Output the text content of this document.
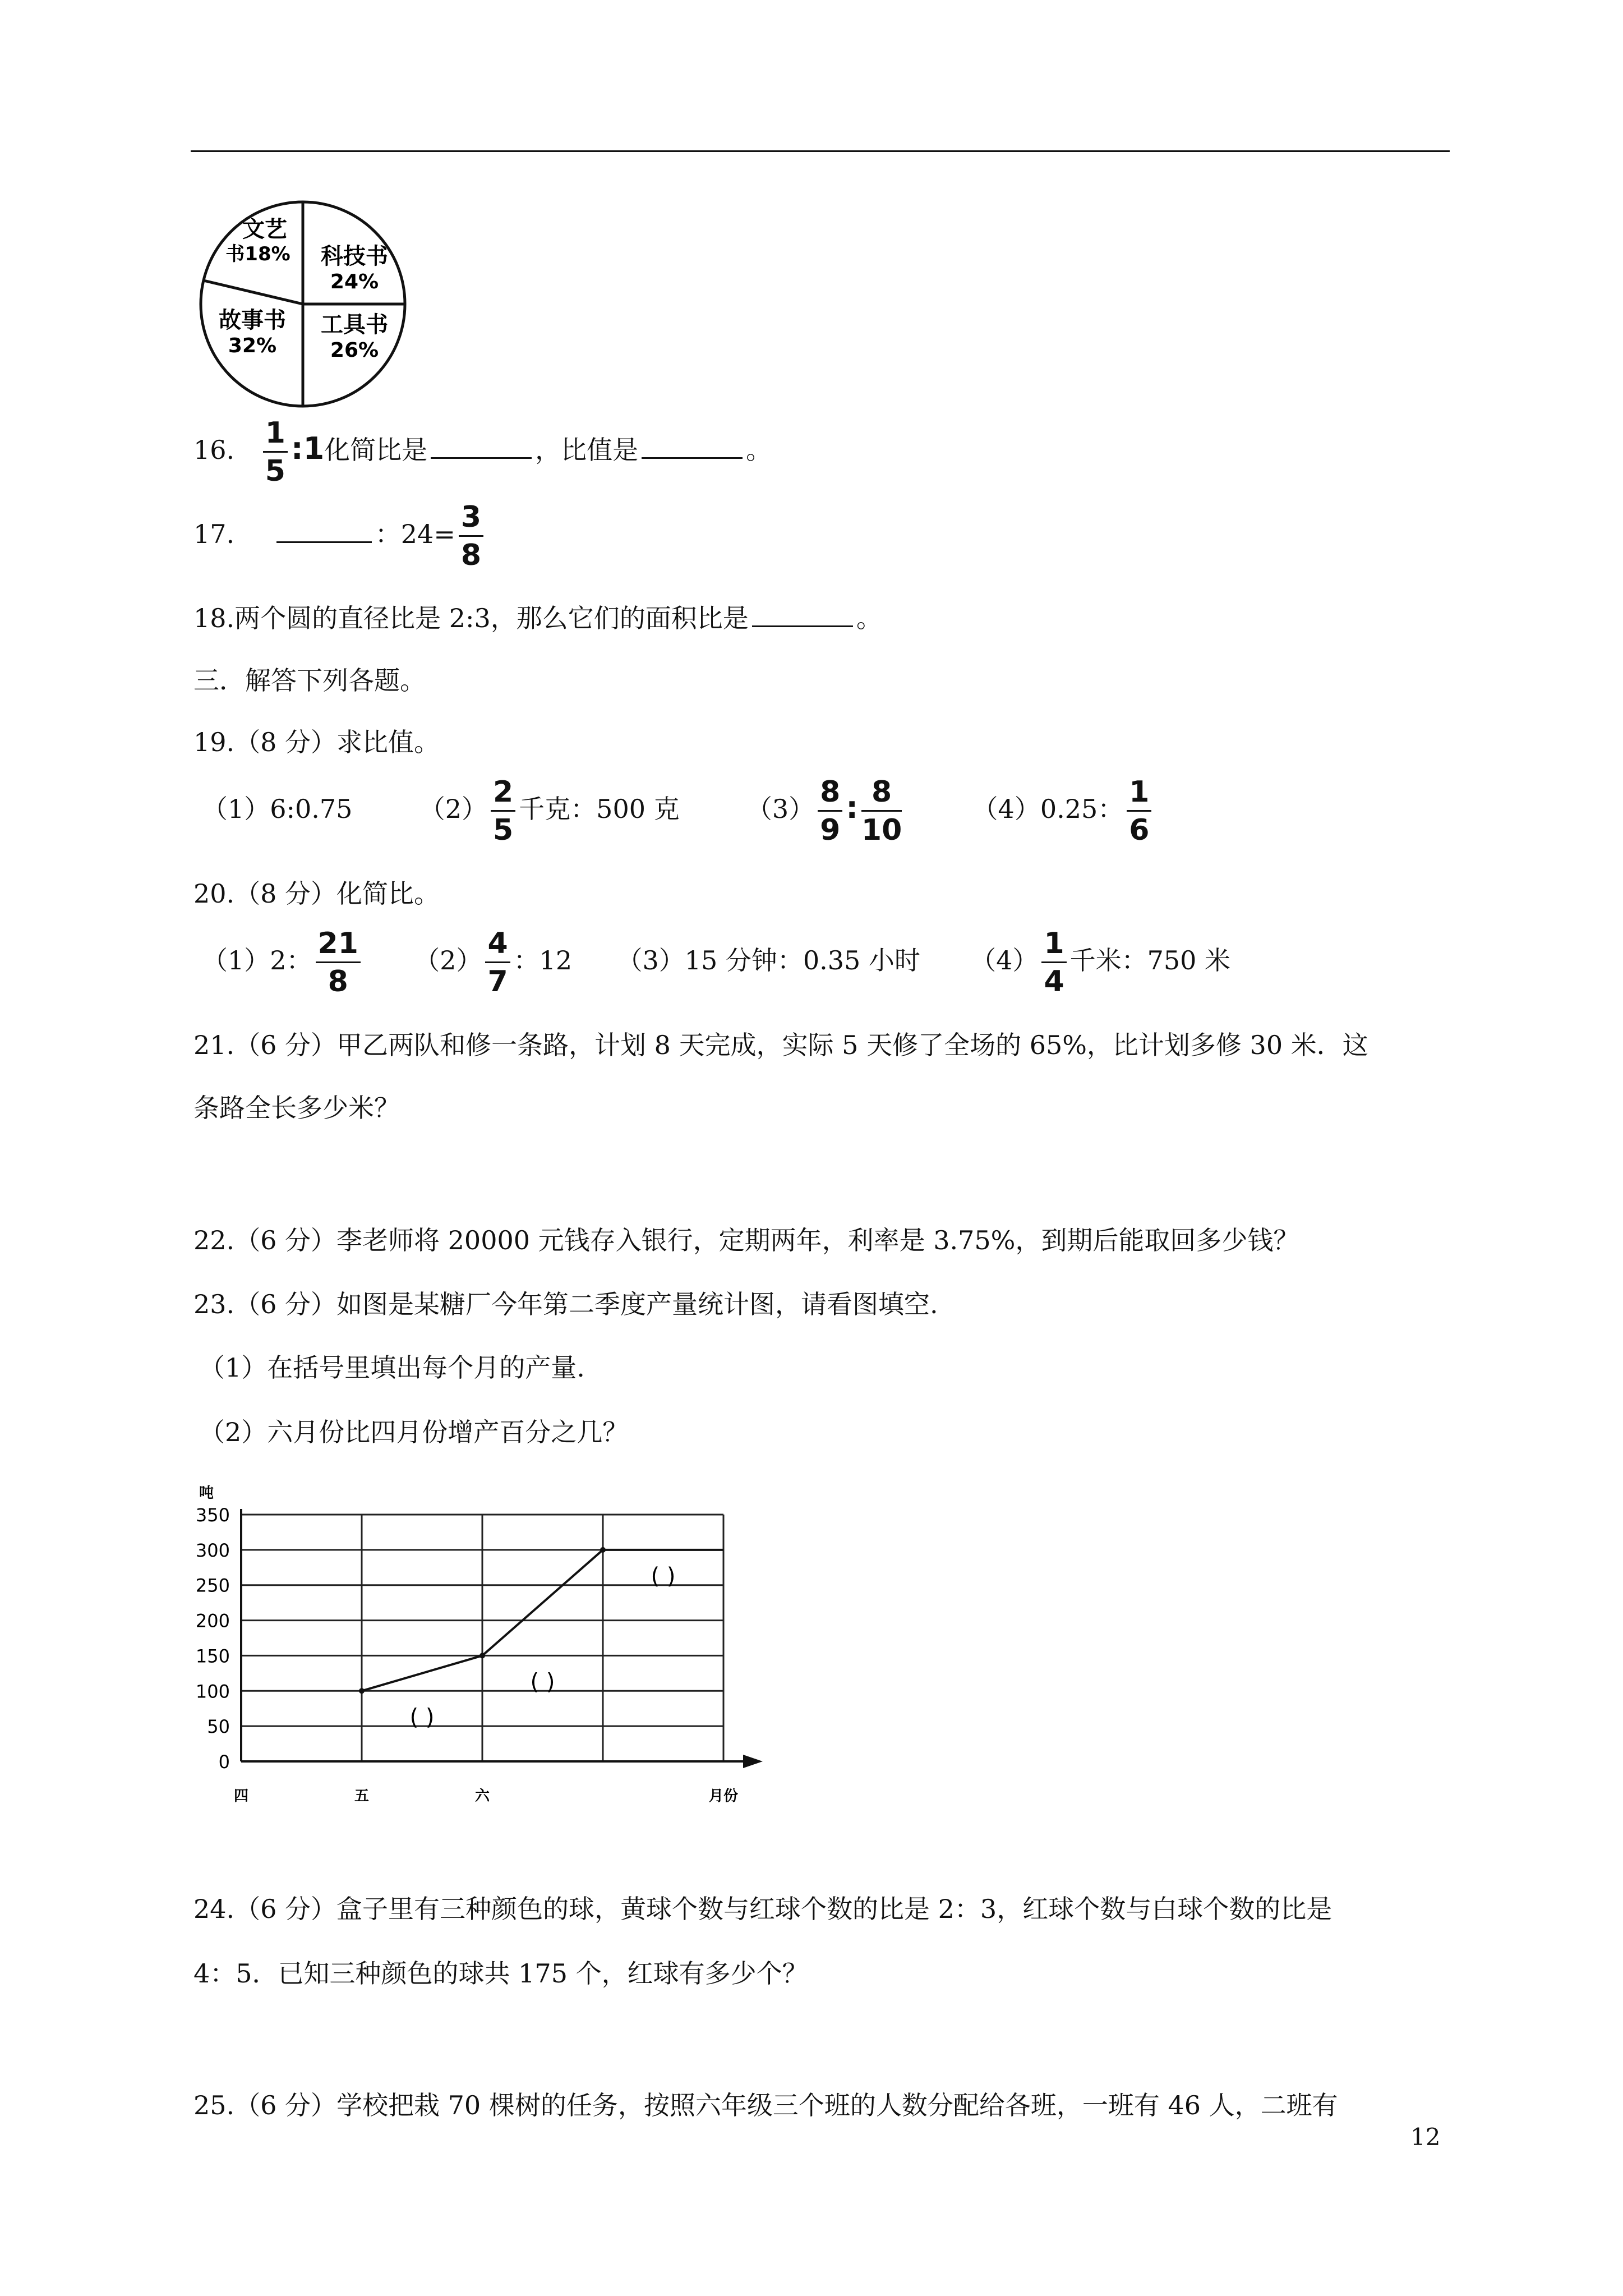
科技书
24%
工具书
26%
故事书
32%
文艺
书18%
16. $\frac{1}{5}$ :1化简比是	，比值是	。
17.	：$24= \frac{3}{8}$
18.两个圆的直径比是 2:3，那么它们的面积比是	。
三．解答下列各题。
19.（8 分）求比值。
（1）6:0.75	$(2) \frac{2}{5}$ 千克：500 克	$(3) \frac{8}{9}$ : $\frac{8}{10}$	（4）0.25： $\frac{1}{6}$
20.（8 分）化简比。
（1）2： $\frac{21}{8} (2) \frac{4}{7}$ ：12 （3）15 分钟：0.35 小时 $(4) \frac{1}{4}$ 千米：750 米
21.（6 分）甲乙两队和修一条路，计划 8 天完成，实际 5 天修了全场的 65%，比计划多修 30 米．这
条路全长多少米？
22.（6 分）李老师将 20000 元钱存入银行，定期两年，利率是 3.75%，到期后能取回多少钱？
23.（6 分）如图是某糖厂今年第二季度产量统计图，请看图填空.
（1）在括号里填出每个月的产量.
（2）六月份比四月份增产百分之几？
350
300
250
200
150
100
50
0
吨
四	五	六	月份
( )
( )
( )
24.（6 分）盒子里有三种颜色的球，黄球个数与红球个数的比是 2：3，红球个数与白球个数的比是
4：5．已知三种颜色的球共 175 个，红球有多少个？
25.（6 分）学校把栽 70 棵树的任务，按照六年级三个班的人数分配给各班，一班有 46 人，二班有
12
